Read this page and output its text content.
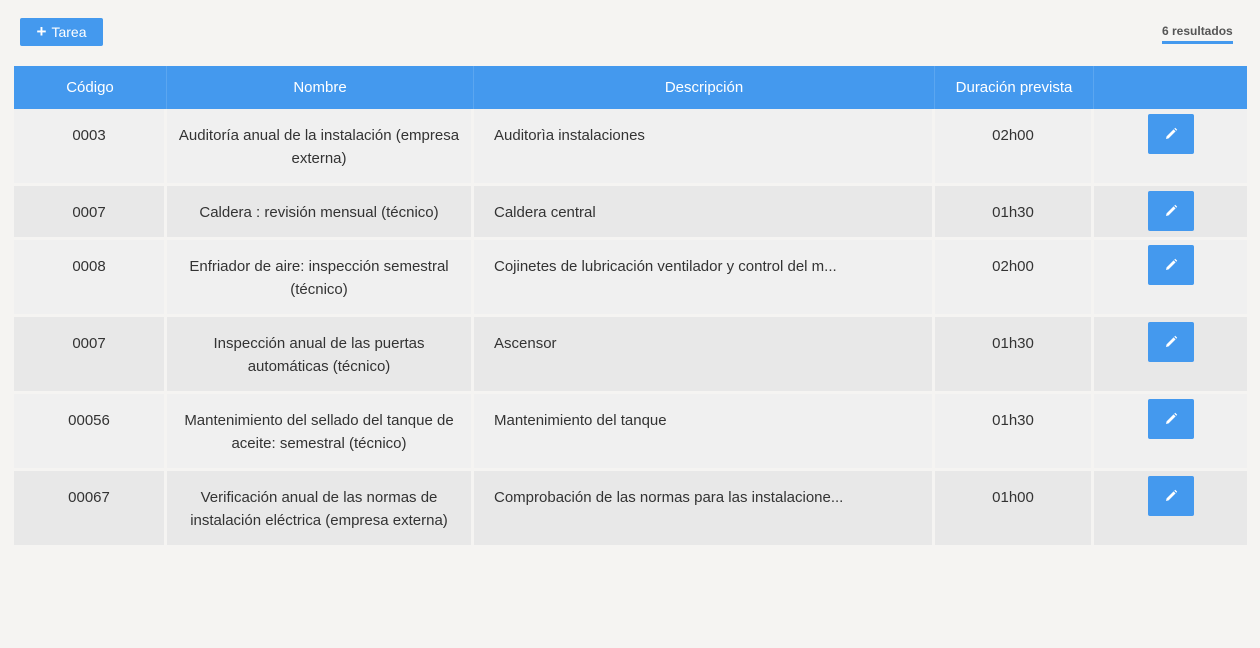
+ Tarea	6 resultados
Código	Nombre	Descripción	Duración prevista	
0003	Auditoría anual de la instalación (empresa externa)	Auditorìa instalaciones	02h00	

0007	Caldera : revisión mensual (técnico)	Caldera central	01h30	

0008	Enfriador de aire: inspección semestral (técnico)	Cojinetes de lubricación ventilador y control del m...	02h00	

0007	Inspección anual de las puertas automáticas (técnico)	Ascensor	01h30	

00056	Mantenimiento del sellado del tanque de aceite: semestral (técnico)	Mantenimiento del tanque	01h30	

00067	Verificación anual de las normas de instalación eléctrica (empresa externa)	Comprobación de las normas para las instalacione...	01h00	
